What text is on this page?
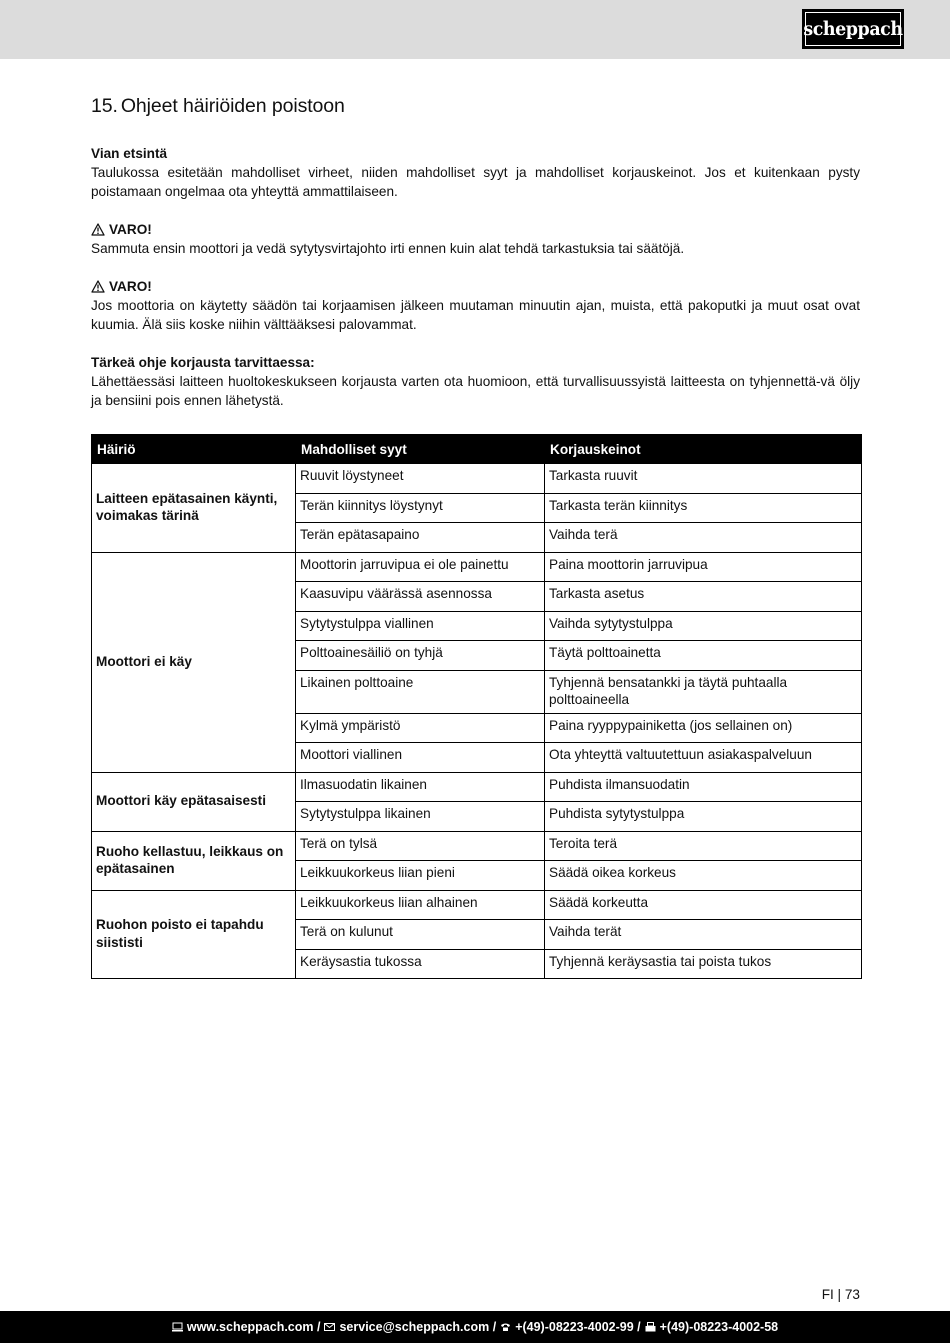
scheppach
15. Ohjeet häiriöiden poistoon
Vian etsintä

Taulukossa esitetään mahdolliset virheet, niiden mahdolliset syyt ja mahdolliset korjauskeinot. Jos et kuitenkaan pysty poistamaan ongelmaa ota yhteyttä ammattilaiseen.

VARO!

Sammuta ensin moottori ja vedä sytytysvirtajohto irti ennen kuin alat tehdä tarkastuksia tai säätöjä.

VARO!

Jos moottoria on käytetty säädön tai korjaamisen jälkeen muutaman minuutin ajan, muista, että pakoputki ja muut osat ovat kuumia. Älä siis koske niihin välttääksesi palovammat.

Tärkeä ohje korjausta tarvittaessa:

Lähettäessäsi laitteen huoltokeskukseen korjausta varten ota huomioon, että turvallisuussyistä laitteesta on tyhjennettä-vä öljy ja bensiini pois ennen lähetystä.

Häiriö	Mahdolliset syyt	Korjauskeinot
Laitteen epätasainen käynti, voimakas tärinä	Ruuvit löystyneet	Tarkasta ruuvit
	Terän kiinnitys löystynyt	Tarkasta terän kiinnitys
	Terän epätasapaino	Vaihda terä
Moottori ei käy	Moottorin jarruvipua ei ole painettu	Paina moottorin jarruvipua
	Kaasuvipu väärässä asennossa	Tarkasta asetus
	Sytytystulppa viallinen	Vaihda sytytystulppa
	Polttoainesäiliö on tyhjä	Täytä polttoainetta
	Likainen polttoaine	Tyhjennä bensatankki ja täytä puhtaalla polttoaineella
	Kylmä ympäristö	Paina ryyppypainiketta (jos sellainen on)
	Moottori viallinen	Ota yhteyttä valtuutettuun asiakaspalveluun
Moottori käy epätasaisesti	Ilmasuodatin likainen	Puhdista ilmansuodatin
	Sytytystulppa likainen	Puhdista sytytystulppa
Ruoho kellastuu, leikkaus on epätasainen	Terä on tylsä	Teroita terä
	Leikkuukorkeus liian pieni	Säädä oikea korkeus
Ruohon poisto ei tapahdu siististi	Leikkuukorkeus liian alhainen	Säädä korkeutta
	Terä on kulunut	Vaihda terät
	Keräysastia tukossa	Tyhjennä keräysastia tai poista tukos
FI | 73
www.scheppach.com / service@scheppach.com / +(49)-08223-4002-99 / +(49)-08223-4002-58
